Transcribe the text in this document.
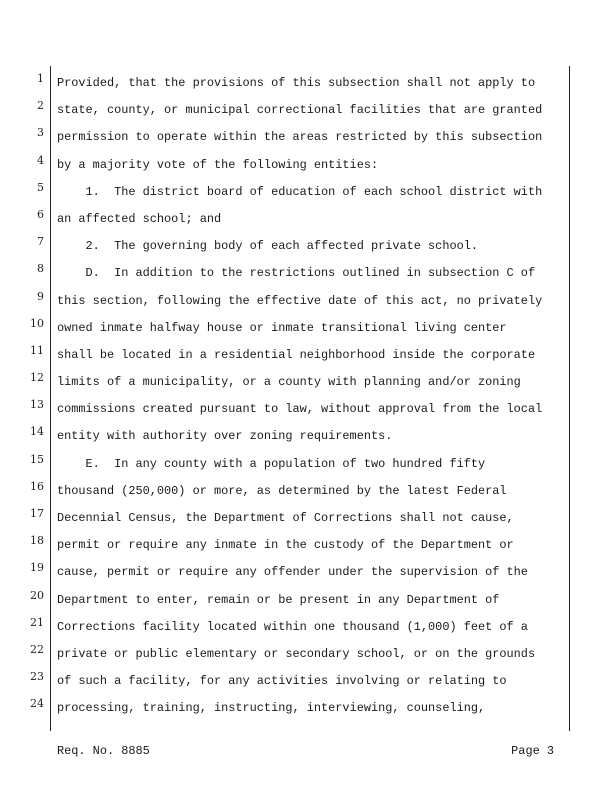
1
2
3
4
5
6
7
8
9
10
11
12
13
14
15
16
17
18
19
20
21
22
23
24
Provided, that the provisions of this subsection shall not apply to
state, county, or municipal correctional facilities that are granted
permission to operate within the areas restricted by this subsection
by a majority vote of the following entities:
1.  The district board of education of each school district with
an affected school; and
2.  The governing body of each affected private school.
D.  In addition to the restrictions outlined in subsection C of
this section, following the effective date of this act, no privately
owned inmate halfway house or inmate transitional living center
shall be located in a residential neighborhood inside the corporate
limits of a municipality, or a county with planning and/or zoning
commissions created pursuant to law, without approval from the local
entity with authority over zoning requirements.
E.  In any county with a population of two hundred fifty
thousand (250,000) or more, as determined by the latest Federal
Decennial Census, the Department of Corrections shall not cause,
permit or require any inmate in the custody of the Department or
cause, permit or require any offender under the supervision of the
Department to enter, remain or be present in any Department of
Corrections facility located within one thousand (1,000) feet of a
private or public elementary or secondary school, or on the grounds
of such a facility, for any activities involving or relating to
processing, training, instructing, interviewing, counseling,
Req. No. 8885	Page 3
